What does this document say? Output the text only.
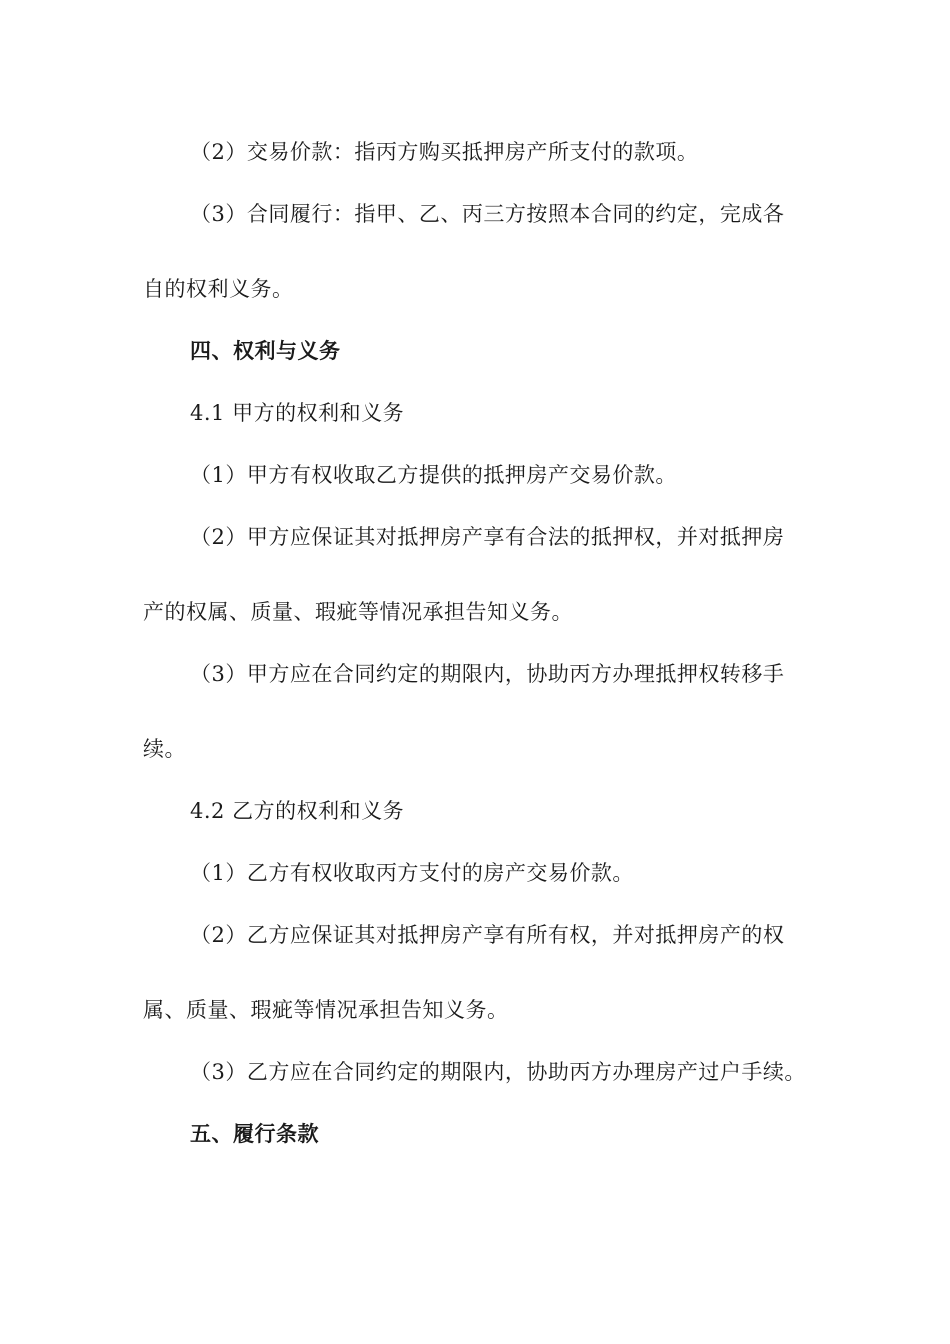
（2）交易价款：指丙方购买抵押房产所支付的款项。
（3）合同履行：指甲、乙、丙三方按照本合同的约定，完成各
自的权利义务。
四、权利与义务
4.1 甲方的权利和义务
（1）甲方有权收取乙方提供的抵押房产交易价款。
（2）甲方应保证其对抵押房产享有合法的抵押权，并对抵押房
产的权属、质量、瑕疵等情况承担告知义务。
（3）甲方应在合同约定的期限内，协助丙方办理抵押权转移手
续。
4.2 乙方的权利和义务
（1）乙方有权收取丙方支付的房产交易价款。
（2）乙方应保证其对抵押房产享有所有权，并对抵押房产的权
属、质量、瑕疵等情况承担告知义务。
（3）乙方应在合同约定的期限内，协助丙方办理房产过户手续。
五、履行条款
